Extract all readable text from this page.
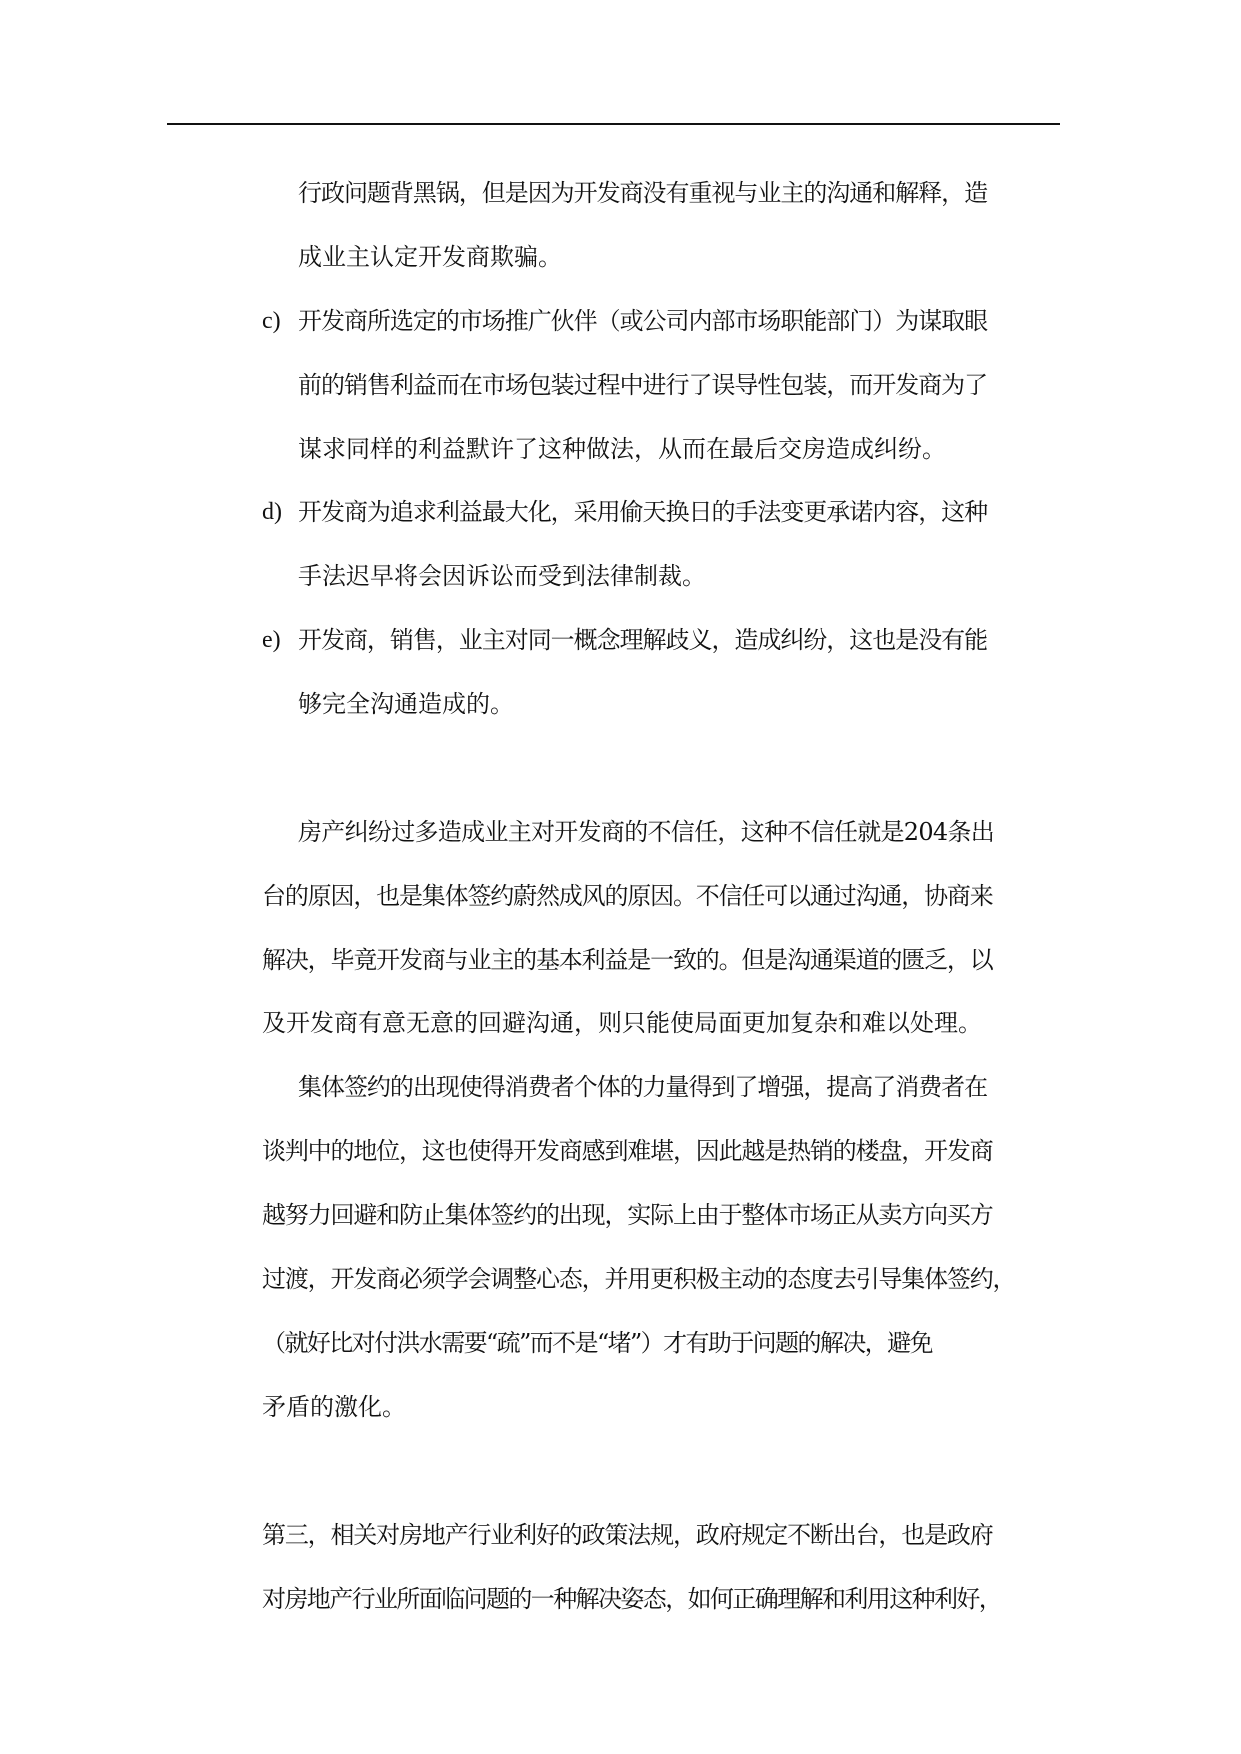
行政问题背黑锅，但是因为开发商没有重视与业主的沟通和解释，造
成业主认定开发商欺骗。
c) 开发商所选定的市场推广伙伴（或公司内部市场职能部门）为谋取眼
前的销售利益而在市场包装过程中进行了误导性包装，而开发商为了
谋求同样的利益默许了这种做法，从而在最后交房造成纠纷。
d) 开发商为追求利益最大化，采用偷天换日的手法变更承诺内容，这种
手法迟早将会因诉讼而受到法律制裁。
e) 开发商，销售，业主对同一概念理解歧义，造成纠纷，这也是没有能
够完全沟通造成的。
房产纠纷过多造成业主对开发商的不信任，这种不信任就是204条出
台的原因，也是集体签约蔚然成风的原因。不信任可以通过沟通，协商来
解决，毕竟开发商与业主的基本利益是一致的。但是沟通渠道的匮乏，以
及开发商有意无意的回避沟通，则只能使局面更加复杂和难以处理。
集体签约的出现使得消费者个体的力量得到了增强，提高了消费者在
谈判中的地位，这也使得开发商感到难堪，因此越是热销的楼盘，开发商
越努力回避和防止集体签约的出现，实际上由于整体市场正从卖方向买方
过渡，开发商必须学会调整心态，并用更积极主动的态度去引导集体签约，
（就好比对付洪水需要“疏”而不是“堵”）才有助于问题的解决，避免
矛盾的激化。
第三，相关对房地产行业利好的政策法规，政府规定不断出台，也是政府
对房地产行业所面临问题的一种解决姿态，如何正确理解和利用这种利好，
